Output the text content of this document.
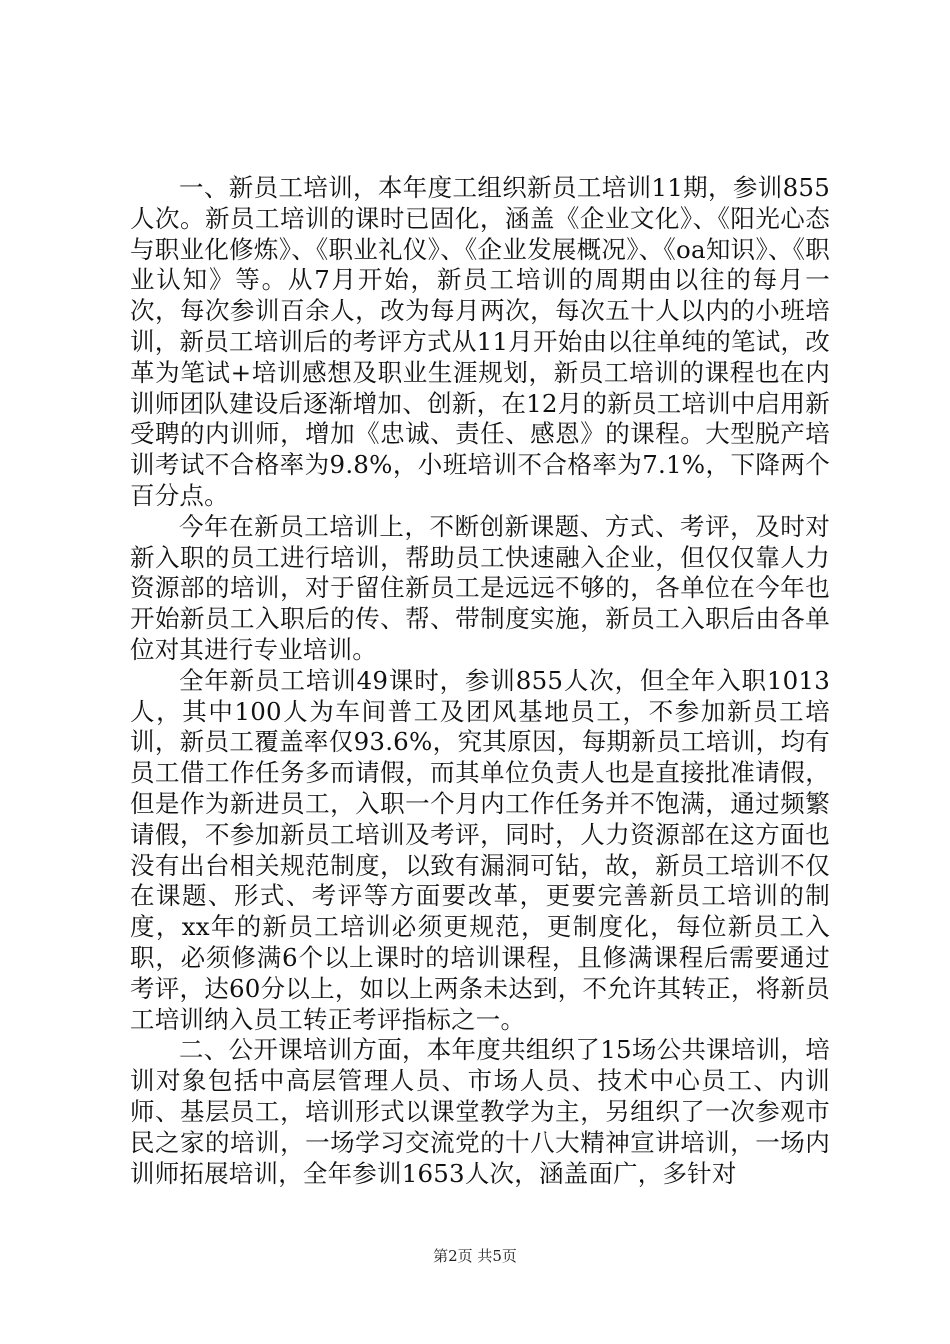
一、新员工培训，本年度工组织新员工培训11期，参训855人次。新员工培训的课时已固化，涵盖《企业文化》、《阳光心态与职业化修炼》、《职业礼仪》、《企业发展概况》、《oa知识》、《职业认知》等。从7月开始，新员工培训的周期由以往的每月一次，每次参训百余人，改为每月两次，每次五十人以内的小班培训，新员工培训后的考评方式从11月开始由以往单纯的笔试，改革为笔试+培训感想及职业生涯规划，新员工培训的课程也在内训师团队建设后逐渐增加、创新，在12月的新员工培训中启用新受聘的内训师，增加《忠诚、责任、感恩》的课程。大型脱产培训考试不合格率为9.8%，小班培训不合格率为7.1%，下降两个百分点。

今年在新员工培训上，不断创新课题、方式、考评，及时对新入职的员工进行培训，帮助员工快速融入企业，但仅仅靠人力资源部的培训，对于留住新员工是远远不够的，各单位在今年也开始新员工入职后的传、帮、带制度实施，新员工入职后由各单位对其进行专业培训。

全年新员工培训49课时，参训855人次，但全年入职1013人，其中100人为车间普工及团风基地员工，不参加新员工培训，新员工覆盖率仅93.6%，究其原因，每期新员工培训，均有员工借工作任务多而请假，而其单位负责人也是直接批准请假，但是作为新进员工，入职一个月内工作任务并不饱满，通过频繁请假，不参加新员工培训及考评，同时，人力资源部在这方面也没有出台相关规范制度，以致有漏洞可钻，故，新员工培训不仅在课题、形式、考评等方面要改革，更要完善新员工培训的制度，xx年的新员工培训必须更规范，更制度化，每位新员工入职，必须修满6个以上课时的培训课程，且修满课程后需要通过考评，达60分以上，如以上两条未达到，不允许其转正，将新员工培训纳入员工转正考评指标之一。

二、公开课培训方面，本年度共组织了15场公共课培训，培训对象包括中高层管理人员、市场人员、技术中心员工、内训师、基层员工，培训形式以课堂教学为主，另组织了一次参观市民之家的培训，一场学习交流党的十八大精神宣讲培训，一场内训师拓展培训，全年参训1653人次，涵盖面广，多针对

第2页 共5页
